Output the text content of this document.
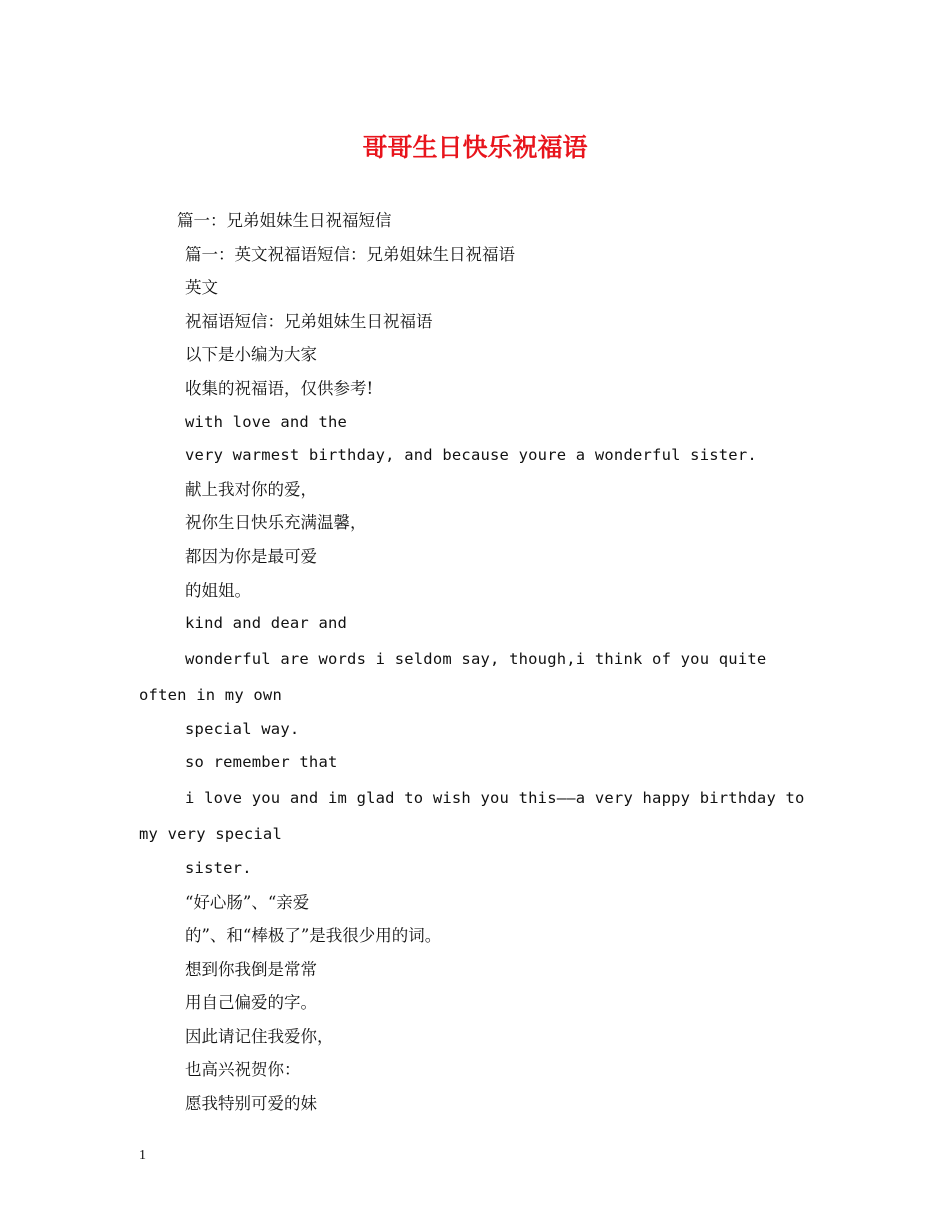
哥哥生日快乐祝福语

篇一：兄弟姐妹生日祝福短信

篇一：英文祝福语短信：兄弟姐妹生日祝福语

英文

祝福语短信：兄弟姐妹生日祝福语

以下是小编为大家

收集的祝福语，仅供参考!

with love and the

very warmest birthday, and because youre a wonderful sister.

献上我对你的爱，

祝你生日快乐充满温馨，

都因为你是最可爱

的姐姐。

kind and dear and

wonderful are words i seldom say, though,i think of you quite often in my own

special way.

so remember that

i love you and im glad to wish you this——a very happy birthday to my very special

sister.

“好心肠”、“亲爱

的”、和“棒极了”是我很少用的词。

想到你我倒是常常

用自己偏爱的字。

因此请记住我爱你，

也高兴祝贺你：

愿我特别可爱的妹

1
